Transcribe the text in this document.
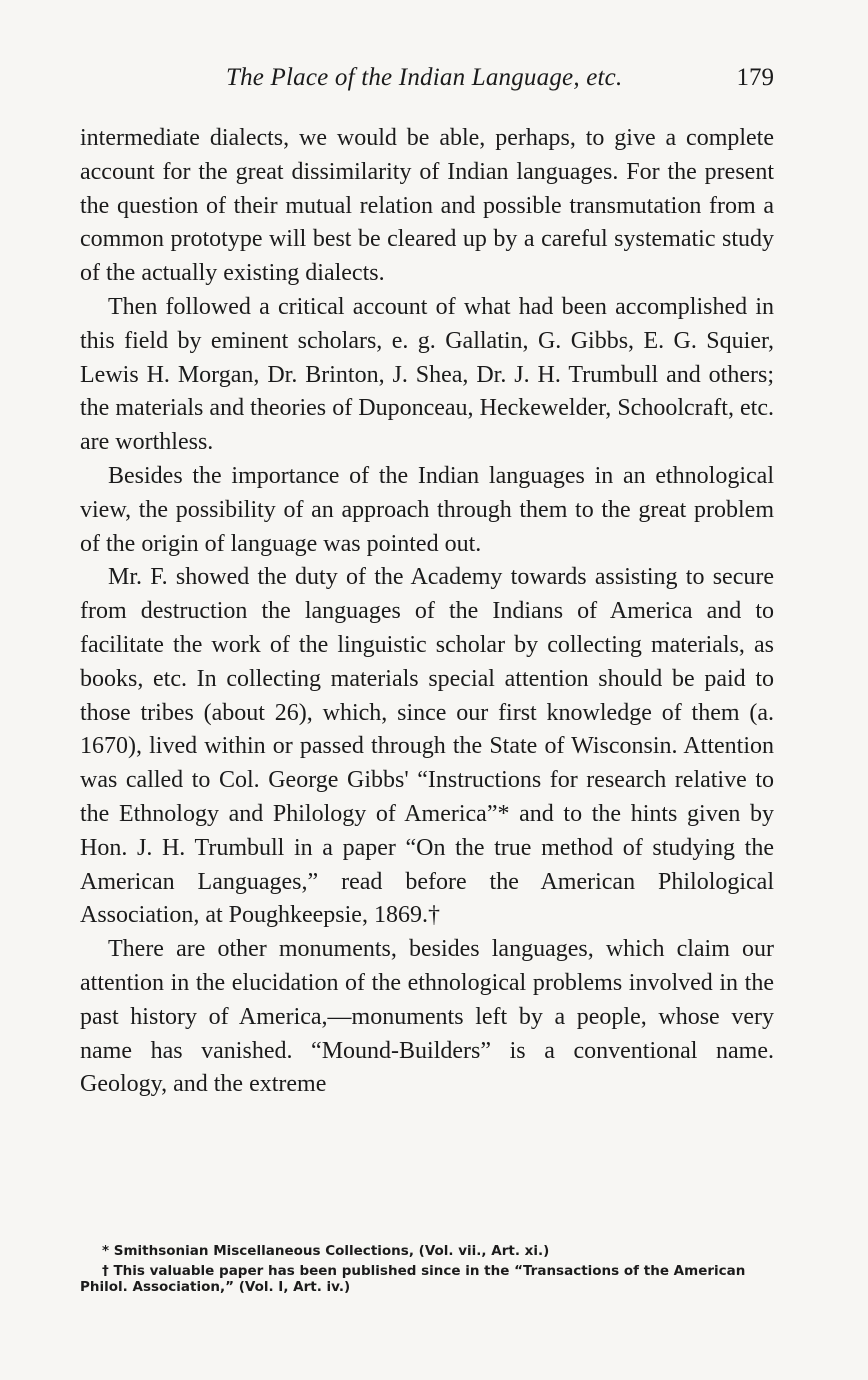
The Place of the Indian Language, etc.	179

intermediate dialects, we would be able, perhaps, to give a complete account for the great dissimilarity of Indian languages. For the present the question of their mutual relation and possible transmutation from a common prototype will best be cleared up by a careful systematic study of the actually existing dialects.

Then followed a critical account of what had been accomplished in this field by eminent scholars, e. g. Gallatin, G. Gibbs, E. G. Squier, Lewis H. Morgan, Dr. Brinton, J. Shea, Dr. J. H. Trumbull and others; the materials and theories of Duponceau, Heckewelder, Schoolcraft, etc. are worthless.

Besides the importance of the Indian languages in an ethnological view, the possibility of an approach through them to the great problem of the origin of language was pointed out.

Mr. F. showed the duty of the Academy towards assisting to secure from destruction the languages of the Indians of America and to facilitate the work of the linguistic scholar by collecting materials, as books, etc. In collecting materials special attention should be paid to those tribes (about 26), which, since our first knowledge of them (a. 1670), lived within or passed through the State of Wisconsin. Attention was called to Col. George Gibbs' “Instructions for research relative to the Ethnology and Philology of America”* and to the hints given by Hon. J. H. Trumbull in a paper “On the true method of studying the American Languages,” read before the American Philological Association, at Poughkeepsie, 1869.†

There are other monuments, besides languages, which claim our attention in the elucidation of the ethnological problems involved in the past history of America,—monuments left by a people, whose very name has vanished. “Mound-Builders” is a conventional name. Geology, and the extreme

* Smithsonian Miscellaneous Collections, (Vol. vii., Art. xi.)

† This valuable paper has been published since in the “Transactions of the American Philol. Association,” (Vol. I, Art. iv.)
